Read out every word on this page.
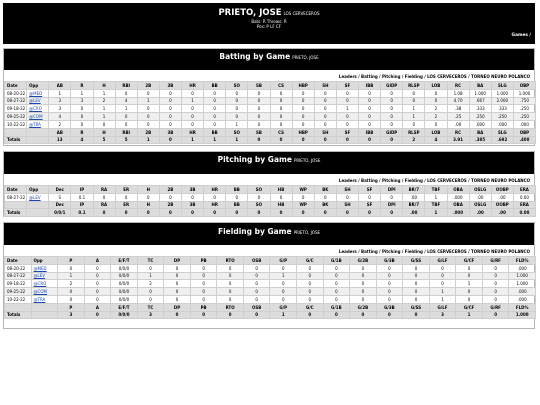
PRIETO, JOSE LOS CERVECEROS
Bats: R Throws: R
Pos: P LF CF
Games /
Batting by Game PRIETO, JOSE
Leaders / Batting / Pitching / Fielding / LOS CERVECEROS / TORNEO NEURO POLANCO
Date	Opp	AB	R	H	RBI	2B	3B	HR	BB	SO	SB	CS	HBP	SH	SF	IBB	GIDP	RLSP	LOB	RC	BA	SLG	OBP
08-20-22	@MED	1	1	1	0	0	0	0	0	0	0	0	0	0	0	0	0	0	0	1.08	1.000	1.000	1.000
08-27-22	@LEV	3	3	2	4	1	0	1	0	0	0	0	0	0	0	0	0	0	0	4.70	.667	2.000	.750
09-18-22	@CRO	3	0	1	1	0	0	0	0	0	0	0	0	0	1	0	0	1	2	.38	.333	.333	.250
09-25-22	@COM	4	0	1	0	0	0	0	0	0	0	0	0	0	0	0	0	1	2	.25	.250	.250	.250
10-22-22	@TRA	2	0	0	0	0	0	0	0	1	0	0	0	0	0	0	0	0	0	.00	.000	.000	.000
		AB	R	H	RBI	2B	3B	HR	BB	SO	SB	CS	HBP	SH	SF	IBB	GIDP	RLSP	LOB	RC	BA	SLG	OBP
Totals		13	4	5	5	1	0	1	1	1	0	0	0	0	0	0	0	2	4	3.91	.385	.692	.400
Pitching by Game PRIETO, JOSE
Leaders / Batting / Pitching / Fielding / LOS CERVECEROS / TORNEO NEURO POLANCO
Date	Opp	Dec	IP	RA	ER	H	2B	3B	HR	BB	SO	HB	WP	BK	SH	SF	DPI	BR/7	TBF	OBA	OSLG	OOBP	ERA
08-27-22	@LEV	S	0.1	0	0	0	0	0	0	0	0	0	0	0	0	0	0	.00	1	.000	.00	.00	0.00
		Dec	IP	RA	ER	H	2B	3B	HR	BB	SO	HB	WP	BK	SH	SF	DPI	BR/7	TBF	OBA	OSLG	OOBP	ERA
Totals		0/0/1	0.1	0	0	0	0	0	0	0	0	0	0	0	0	0	0	.00	1	.000	.00	.00	0.00
Fielding by Game PRIETO, JOSE
Leaders / Batting / Pitching / Fielding / LOS CERVECEROS / TORNEO NEURO POLANCO
Date	Opp	P	A	E/F/T	TC	DP	PB	RTO	OSB	G/P	G/C	G/1B	G/2B	G/3B	G/SS	G/LF	G/CF	G/RF	FLD%
08-20-22	@MED	0	0	0/0/0	0	0	0	0	0	0	0	0	0	0	0	0	0	0	.000
08-27-22	@LEV	1	0	0/0/0	1	0	0	0	0	1	0	0	0	0	0	0	0	0	1.000
09-18-22	@CRO	2	0	0/0/0	2	0	0	0	0	0	0	0	0	0	0	0	1	0	1.000
09-25-22	@COM	0	0	0/0/0	0	0	0	0	0	0	0	0	0	0	0	1	0	0	.000
10-22-22	@TRA	0	0	0/0/0	0	0	0	0	0	0	0	0	0	0	0	1	0	0	.000
		P	A	E/F/T	TC	DP	PB	RTO	OSB	G/P	G/C	G/1B	G/2B	G/3B	G/SS	G/LF	G/CF	G/RF	FLD%
Totals		3	0	0/0/0	3	0	0	0	0	1	0	0	0	0	0	3	1	0	1.000
